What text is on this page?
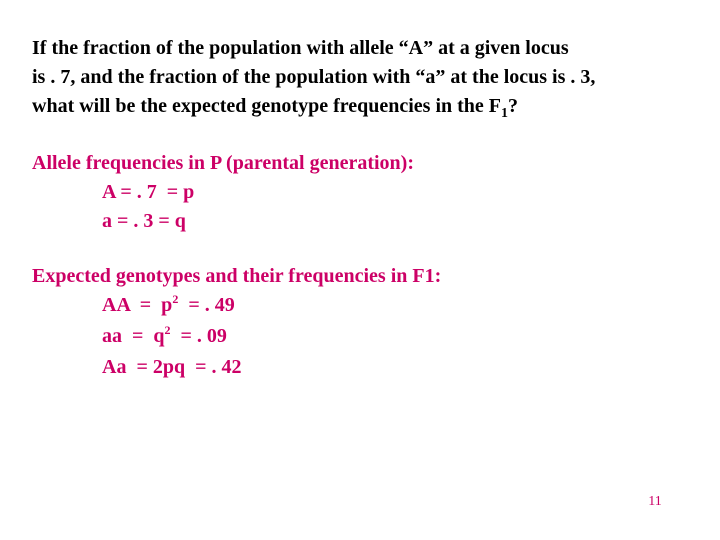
If the fraction of the population with allele “A” at a given locus
is . 7, and the fraction of the population with “a” at the locus is . 3,
what will be the expected genotype frequencies in the $F_1$?

Allele frequencies in P (parental generation):
A = . 7  = p
a = . 3 = q
Expected genotypes and their frequencies in F1:
AA  =  $p^2$  = . 49
aa  =  $q^2$  = . 09
Aa  = 2pq  = . 42
11
